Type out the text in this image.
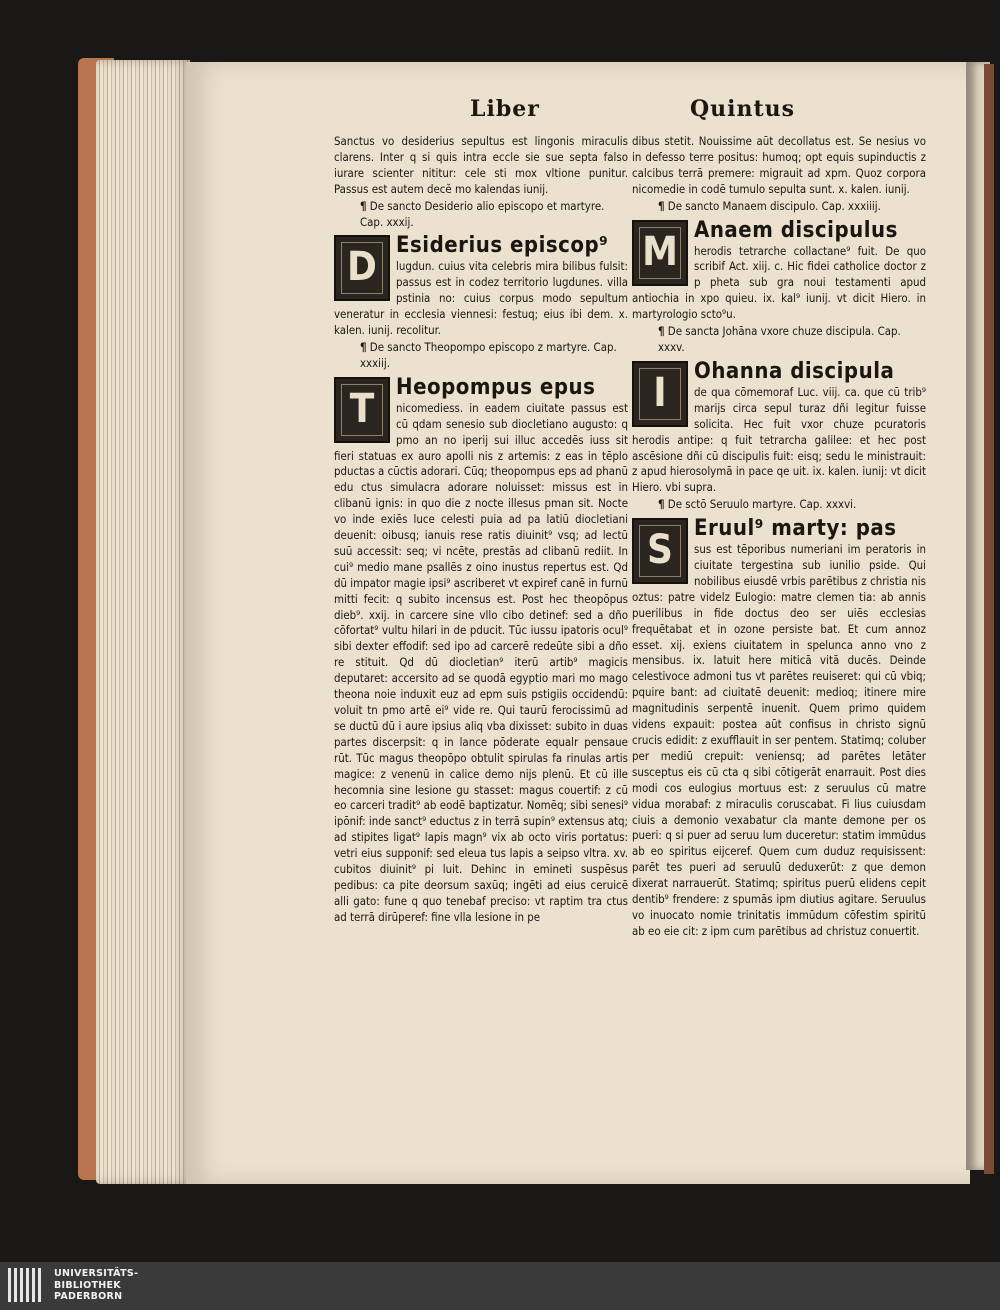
Liber	Quintus

Sanctus vo desiderius sepultus est lingonis miraculis clarens. Inter q si quis intra eccle sie sue septa falso iurare scienter nititur: cele sti mox vltione punitur. Passus est autem decĕ mo kalendas iunij.

¶ De sancto Desiderio alio episcopo et martyre. Cap. xxxij.

D Esiderius episcop⁹

lugdun. cuius vita celebris mira bilibus fulsit: passus est in codez territorio lugdunes. villa pstinia no: cuius corpus modo sepultum veneratur in ecclesia viennesi: festuq; eius ibi dem. x. kalen. iunij. recolitur.

¶ De sancto Theopompo episcopo z martyre. Cap. xxxiij.

T Heopompus epus

nicomediess. in eadem ciuitate passus est cū qdam senesio sub diocletiano augusto: q pmo an no iperij sui illuc accedēs iuss sit fieri statuas ex auro apolli nis z artemis: z eas in tēplo pductas a cūctis adorari. Cūq; theopompus eps ad phanū edu ctus simulacra adorare noluisset: missus est in clibanū ignis: in quo die z nocte illesus pman sit. Nocte vo inde exiēs luce celesti puia ad pa latiū diocletiani deuenit: oibusq; ianuis rese ratis diuinit⁹ vsq; ad lectū suū accessit: seq; vi ncēte, prestās ad clibanū rediit. In cui⁹ medio mane psallēs z oino inustus repertus est. Qd dū impator magie ipsi⁹ ascriberet vt expiref canē in furnū mitti fecit: q subito incensus est. Post hec theopōpus dieb⁹. xxij. in carcere sine vllo cibo detinef: sed a dño cōfortat⁹ vultu hilari in de pducit. Tūc iussu ipatoris ocul⁹ sibi dexter effodif: sed ipo ad carcerē redeūte sibi a dño re stituit. Qd dū diocletian⁹ iterū artib⁹ magicis deputaret: accersito ad se quodā egyptio mari mo mago theona noie induxit euz ad epm suis pstigiis occidendū: voluit tn pmo artē ei⁹ vide re. Qui taurū ferocissimū ad se ductū dū i aure ipsius aliq vba dixisset: subito in duas partes discerpsit: q in lance pōderate equalr pensaue rūt. Tūc magus theopōpo obtulit spirulas fa rinulas artis magice: z venenū in calice demo nijs plenū. Et cū ille hecomnia sine lesione gu stasset: magus couertif: z cū eo carceri tradit⁹ ab eodē baptizatur. Nomēq; sibi senesi⁹ ipōnif: inde sanct⁹ eductus z in terrā supin⁹ extensus atq; ad stipites ligat⁹ lapis magn⁹ vix ab octo viris portatus: vetri eius supponif: sed eleua tus lapis a seipso vltra. xv. cubitos diuinit⁹ pi luit. Dehinc in emineti suspēsus pedibus: ca pite deorsum saxūq; ingēti ad eius ceruicē alli gato: fune q quo tenebaf preciso: vt raptim tra ctus ad terrā dirūperef: fine vlla lesione in pe

dibus stetit. Nouissime aūt decollatus est. Se nesius vo in defesso terre positus: humoq; opt equis supinductis z calcibus terrā premere: migrauit ad xpm. Quoz corpora nicomedie in codē tumulo sepulta sunt. x. kalen. iunij.

¶ De sancto Manaem discipulo. Cap. xxxiiij.

M Anaem discipulus

herodis tetrarche collactane⁹ fuit. De quo scribif Act. xiij. c. Hic fidei catholice doctor z p pheta sub gra noui testamenti apud antiochia in xpo quieu. ix. kal⁹ iunij. vt dicit Hiero. in martyrologio scto⁹u.

¶ De sancta Johāna vxore chuze discipula. Cap. xxxv.

I	Ohanna discipula

de qua cōmemoraf Luc. viij. ca. que cū trib⁹ marijs circa sepul turaz dñi legitur fuisse solicita. Hec fuit vxor chuze pcuratoris herodis antipe: q fuit tetrarcha galilee: et hec post ascēsione dñi cū discipulis fuit: eisq; sedu le ministrauit: z apud hierosolymā in pace qe uit. ix. kalen. iunij: vt dicit Hiero. vbi supra.

¶ De sctō Seruulo martyre. Cap. xxxvi.

S Eruul⁹ marty: pas

sus est tēporibus numeriani im peratoris in ciuitate tergestina sub iunilio pside. Qui nobilibus eiusdē vrbis parētibus z christia nis oztus: patre videlz Eulogio: matre clemen tia: ab annis puerilibus in fide doctus deo ser uiēs ecclesias frequētabat et in ozone persiste bat. Et cum annoz esset. xij. exiens ciuitatem in spelunca anno vno z mensibus. ix. latuit here miticā vitā ducēs. Deinde celestivoce admoni tus vt parētes reuiseret: qui cū vbiq; pquire bant: ad ciuitatē deuenit: medioq; itinere mire magnitudinis serpentē inuenit. Quem primo quidem videns expauit: postea aūt confisus in christo signū crucis edidit: z exufflauit in ser pentem. Statimq; coluber per mediū crepuit: veniensq; ad parētes letāter susceptus eis cū cta q sibi cōtigerāt enarrauit. Post dies modi cos eulogius mortuus est: z seruulus cū matre vidua morabaf: z miraculis coruscabat. Fi lius cuiusdam ciuis a demonio vexabatur cla mante demone per os pueri: q si puer ad seruu lum duceretur: statim immūdus ab eo spiritus eijceref. Quem cum duduz requisissent: parēt tes pueri ad seruulū deduxerūt: z que demon dixerat narrauerūt. Statimq; spiritus puerū elidens cepit dentib⁹ frendere: z spumās ipm diutius agitare. Seruulus vo inuocato nomie trinitatis immūdum cōfestim spiritū ab eo eie cit: z ipm cum parētibus ad christuz conuertit.

UNIVERSITÄTS-
BIBLIOTHEK
PADERBORN
